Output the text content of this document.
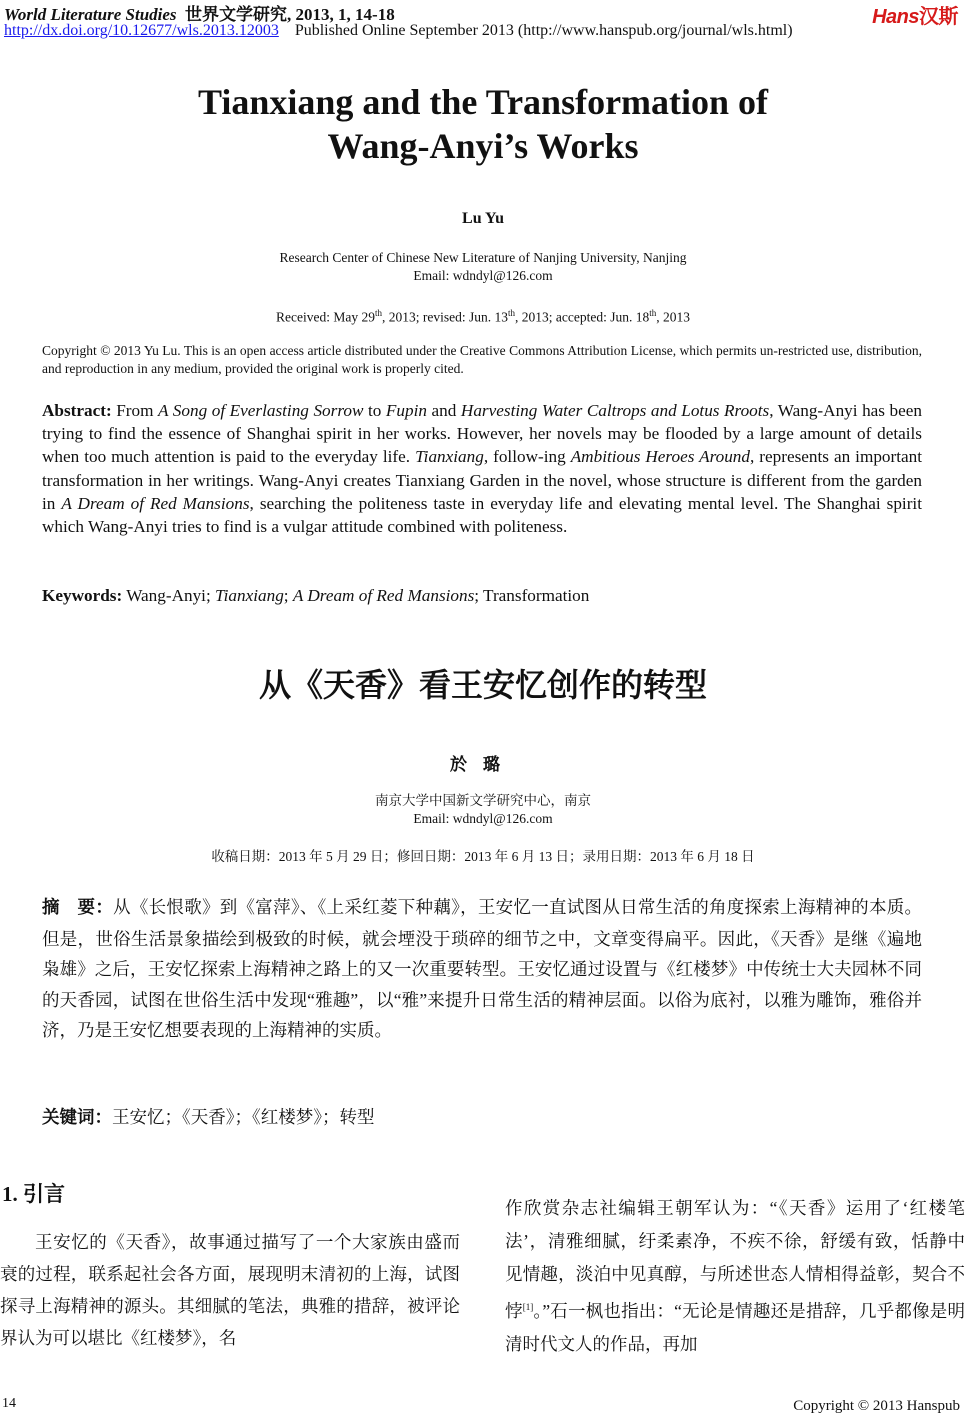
World Literature Studies 世界文学研究, 2013, 1, 14-18
http://dx.doi.org/10.12677/wls.2013.12003 Published Online September 2013 (http://www.hanspub.org/journal/wls.html)
Hans汉斯
Tianxiang and the Transformation of
Wang-Anyi’s Works
Lu Yu
Research Center of Chinese New Literature of Nanjing University, Nanjing
Email: wdndyl@126.com
Received: May 29th, 2013; revised: Jun. 13th, 2013; accepted: Jun. 18th, 2013
Copyright © 2013 Yu Lu. This is an open access article distributed under the Creative Commons Attribution License, which permits un-restricted use, distribution, and reproduction in any medium, provided the original work is properly cited.
Abstract: From A Song of Everlasting Sorrow to Fupin and Harvesting Water Caltrops and Lotus Rroots, Wang-Anyi has been trying to find the essence of Shanghai spirit in her works. However, her novels may be flooded by a large amount of details when too much attention is paid to the everyday life. Tianxiang, follow-ing Ambitious Heroes Around, represents an important transformation in her writings. Wang-Anyi creates Tianxiang Garden in the novel, whose structure is different from the garden in A Dream of Red Mansions, searching the politeness taste in everyday life and elevating mental level. The Shanghai spirit which Wang-Anyi tries to find is a vulgar attitude combined with politeness.
Keywords: Wang-Anyi; Tianxiang; A Dream of Red Mansions; Transformation
从《天香》看王安忆创作的转型
於璐
南京大学中国新文学研究中心，南京
Email: wdndyl@126.com
收稿日期：2013 年 5 月 29 日；修回日期：2013 年 6 月 13 日；录用日期：2013 年 6 月 18 日
摘　要：从《长恨歌》到《富萍》、《上采红菱下种藕》，王安忆一直试图从日常生活的角度探索上海精神的本质。但是，世俗生活景象描绘到极致的时候，就会堙没于琐碎的细节之中，文章变得扁平。因此，《天香》是继《遍地枭雄》之后，王安忆探索上海精神之路上的又一次重要转型。王安忆通过设置与《红楼梦》中传统士大夫园林不同的天香园，试图在世俗生活中发现“雅趣”，以“雅”来提升日常生活的精神层面。以俗为底衬，以雅为雕饰，雅俗并济，乃是王安忆想要表现的上海精神的实质。
关键词：王安忆；《天香》；《红楼梦》；转型
1. 引言
王安忆的《天香》，故事通过描写了一个大家族由盛而衰的过程，联系起社会各方面，展现明末清初的上海，试图探寻上海精神的源头。其细腻的笔法，典雅的措辞，被评论界认为可以堪比《红楼梦》，名
作欣赏杂志社编辑王朝军认为：“《天香》运用了‘红楼笔法’，清雅细腻，纡柔素净，不疾不徐，舒缓有致，恬静中见情趣，淡泊中见真醇，与所述世态人情相得益彰，契合不悖[1]。”石一枫也指出：“无论是情趣还是措辞，几乎都像是明清时代文人的作品，再加
14	Copyright © 2013 Hanspub
